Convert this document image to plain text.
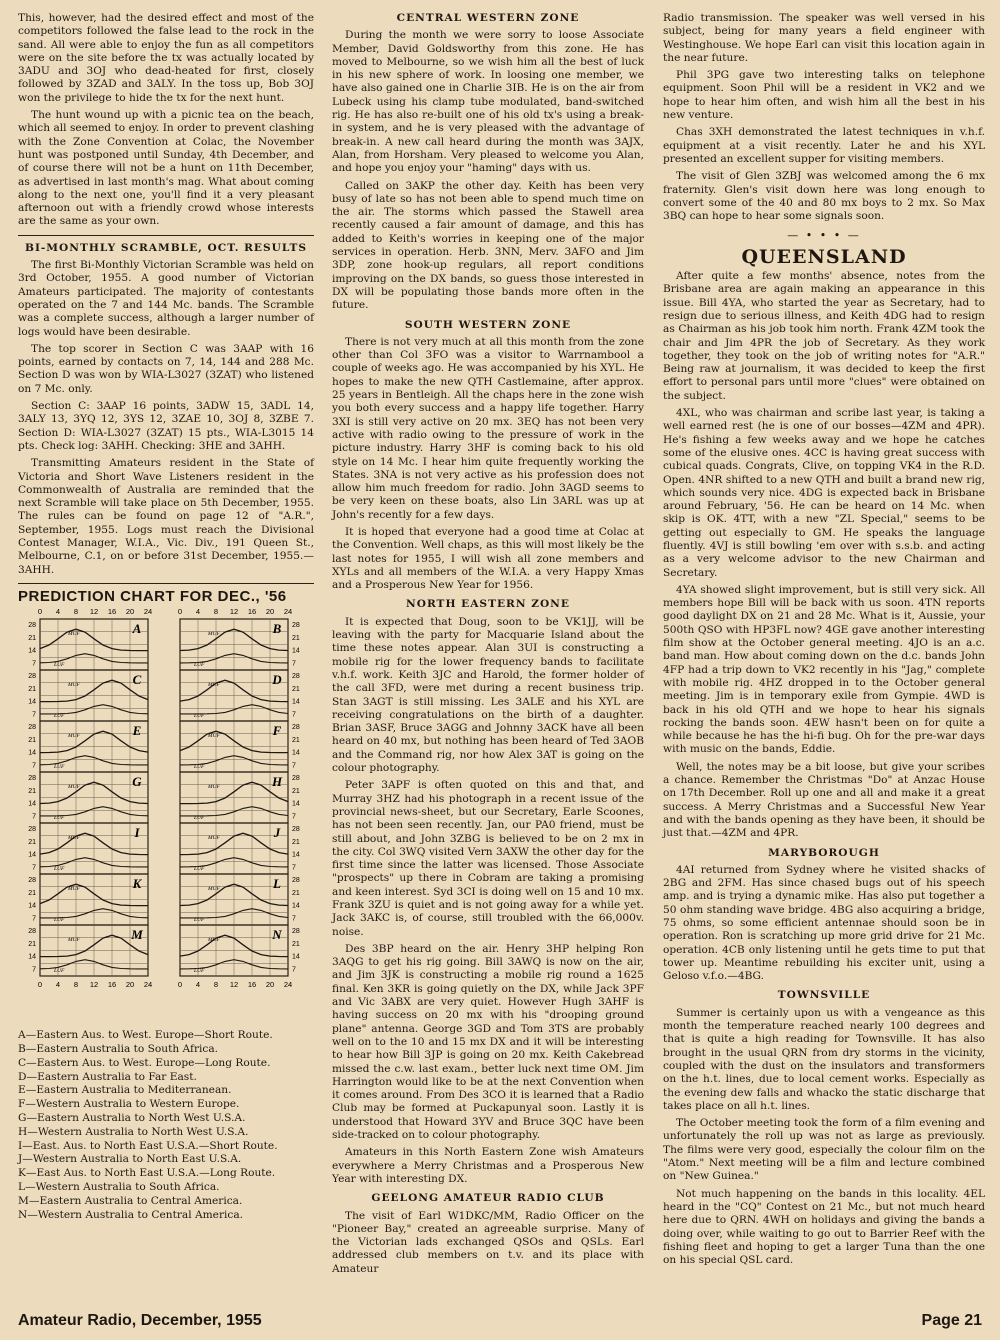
This, however, had the desired effect and most of the competitors followed the false lead to the rock in the sand. All were able to enjoy the fun as all competitors were on the site before the tx was actually located by 3ADU and 3OJ who dead-heated for first, closely followed by 3ZAD and 3ALY. In the toss up, Bob 3OJ won the privilege to hide the tx for the next hunt.

The hunt wound up with a picnic tea on the beach, which all seemed to enjoy. In order to prevent clashing with the Zone Convention at Colac, the November hunt was postponed until Sunday, 4th December, and of course there will not be a hunt on 11th December, as advertised in last month's mag. What about coming along to the next one, you'll find it a very pleasant afternoon out with a friendly crowd whose interests are the same as your own.

BI-MONTHLY SCRAMBLE, OCT. RESULTS

The first Bi-Monthly Victorian Scramble was held on 3rd October, 1955. A good number of Victorian Amateurs participated. The majority of contestants operated on the 7 and 144 Mc. bands. The Scramble was a complete success, although a larger number of logs would have been desirable.

The top scorer in Section C was 3AAP with 16 points, earned by contacts on 7, 14, 144 and 288 Mc. Section D was won by WIA-L3027 (3ZAT) who listened on 7 Mc. only.

Section C: 3AAP 16 points, 3ADW 15, 3ADL 14, 3ALY 13, 3YQ 12, 3YS 12, 3ZAE 10, 3OJ 8, 3ZBE 7. Section D: WIA-L3027 (3ZAT) 15 pts., WIA-L3015 14 pts. Check log: 3AHH. Checking: 3HE and 3AHH.

Transmitting Amateurs resident in the State of Victoria and Short Wave Listeners resident in the Commonwealth of Australia are reminded that the next Scramble will take place on 5th December, 1955. The rules can be found on page 12 of "A.R.", September, 1955. Logs must reach the Divisional Contest Manager, W.I.A., Vic. Div., 191 Queen St., Melbourne, C.1, on or before 31st December, 1955.—3AHH.

PREDICTION CHART FOR DEC., '56
0
0
4
4
8
8
12
12
16
16
20
20
24
24
0
0
4
4
8
8
12
12
16
16
20
20
24
24
28
21
14
7
A
MUF
LUF
28
21
14
7
B
MUF
LUF
28
21
14
7
C
MUF
LUF
28
21
14
7
D
MUF
LUF
28
21
14
7
E
MUF
LUF
28
21
14
7
F
MUF
LUF
28
21
14
7
G
MUF
LUF
28
21
14
7
H
MUF
LUF
28
21
14
7
I
MUF
LUF
28
21
14
7
J
MUF
LUF
28
21
14
7
K
MUF
LUF
28
21
14
7
L
MUF
LUF
28
21
14
7
M
MUF
LUF
28
21
14
7
N
MUF
LUF
A—Eastern Aus. to West. Europe—Short Route.
B—Eastern Australia to South Africa.
C—Eastern Aus. to West. Europe—Long Route.
D—Eastern Australia to Far East.
E—Eastern Australia to Mediterranean.
F—Western Australia to Western Europe.
G—Eastern Australia to North West U.S.A.
H—Western Australia to North West U.S.A.
I—East. Aus. to North East U.S.A.—Short Route.
J—Western Australia to North East U.S.A.
K—East Aus. to North East U.S.A.—Long Route.
L—Western Australia to South Africa.
M—Eastern Australia to Central America.
N—Western Australia to Central America.
CENTRAL WESTERN ZONE

During the month we were sorry to loose Associate Member, David Goldsworthy from this zone. He has moved to Melbourne, so we wish him all the best of luck in his new sphere of work. In loosing one member, we have also gained one in Charlie 3IB. He is on the air from Lubeck using his clamp tube modulated, band-switched rig. He has also re-built one of his old tx's using a break-in system, and he is very pleased with the advantage of break-in. A new call heard during the month was 3AJX, Alan, from Horsham. Very pleased to welcome you Alan, and hope you enjoy your "haming" days with us.

Called on 3AKP the other day. Keith has been very busy of late so has not been able to spend much time on the air. The storms which passed the Stawell area recently caused a fair amount of damage, and this has added to Keith's worries in keeping one of the major services in operation. Herb. 3NN, Merv. 3AFO and Jim 3DP, zone hook-up regulars, all report conditions improving on the DX bands, so guess those interested in DX will be populating those bands more often in the future.

SOUTH WESTERN ZONE

There is not very much at all this month from the zone other than Col 3FO was a visitor to Warrnambool a couple of weeks ago. He was accompanied by his XYL. He hopes to make the new QTH Castlemaine, after approx. 25 years in Bentleigh. All the chaps here in the zone wish you both every success and a happy life together. Harry 3XI is still very active on 20 mx. 3EQ has not been very active with radio owing to the pressure of work in the picture industry. Harry 3HF is coming back to his old style on 14 Mc. I hear him quite frequently working the States. 3NA is not very active as his profession does not allow him much freedom for radio. John 3AGD seems to be very keen on these boats, also Lin 3ARL was up at John's recently for a few days.

It is hoped that everyone had a good time at Colac at the Convention. Well chaps, as this will most likely be the last notes for 1955, I will wish all zone members and XYLs and all members of the W.I.A. a very Happy Xmas and a Prosperous New Year for 1956.

NORTH EASTERN ZONE

It is expected that Doug, soon to be VK1JJ, will be leaving with the party for Macquarie Island about the time these notes appear. Alan 3UI is constructing a mobile rig for the lower frequency bands to facilitate v.h.f. work. Keith 3JC and Harold, the former holder of the call 3FD, were met during a recent business trip. Stan 3AGT is still missing. Les 3ALE and his XYL are receiving congratulations on the birth of a daughter. Brian 3ASF, Bruce 3AGG and Johnny 3ACK have all been heard on 40 mx, but nothing has been heard of Ted 3AOB and the Command rig, nor how Alex 3AT is going on the colour photography.

Peter 3APF is often quoted on this and that, and Murray 3HZ had his photograph in a recent issue of the provincial news-sheet, but our Secretary, Earle Scoones, has not been seen recently. Jan, our PA0 friend, must be still about, and John 3ZBG is believed to be on 2 mx in the city. Col 3WQ visited Vern 3AXW the other day for the first time since the latter was licensed. Those Associate "prospects" up there in Cobram are taking a promising and keen interest. Syd 3CI is doing well on 15 and 10 mx. Frank 3ZU is quiet and is not going away for a while yet. Jack 3AKC is, of course, still troubled with the 66,000v. noise.

Des 3BP heard on the air. Henry 3HP helping Ron 3AQG to get his rig going. Bill 3AWQ is now on the air, and Jim 3JK is constructing a mobile rig round a 1625 final. Ken 3KR is going quietly on the DX, while Jack 3PF and Vic 3ABX are very quiet. However Hugh 3AHF is having success on 20 mx with his "drooping ground plane" antenna. George 3GD and Tom 3TS are probably well on to the 10 and 15 mx DX and it will be interesting to hear how Bill 3JP is going on 20 mx. Keith Cakebread missed the c.w. last exam., better luck next time OM. Jim Harrington would like to be at the next Convention when it comes around. From Des 3CO it is learned that a Radio Club may be formed at Puckapunyal soon. Lastly it is understood that Howard 3YV and Bruce 3QC have been side-tracked on to colour photography.

Amateurs in this North Eastern Zone wish Amateurs everywhere a Merry Christmas and a Prosperous New Year with interesting DX.

GEELONG AMATEUR RADIO CLUB

The visit of Earl W1DKC/MM, Radio Officer on the "Pioneer Bay," created an agreeable surprise. Many of the Victorian lads exchanged QSOs and QSLs. Earl addressed club members on t.v. and its place with Amateur

Radio transmission. The speaker was well versed in his subject, being for many years a field engineer with Westinghouse. We hope Earl can visit this location again in the near future.

Phil 3PG gave two interesting talks on telephone equipment. Soon Phil will be a resident in VK2 and we hope to hear him often, and wish him all the best in his new venture.

Chas 3XH demonstrated the latest techniques in v.h.f. equipment at a visit recently. Later he and his XYL presented an excellent supper for visiting members.

The visit of Glen 3ZBJ was welcomed among the 6 mx fraternity. Glen's visit down here was long enough to convert some of the 40 and 80 mx boys to 2 mx. So Max 3BQ can hope to hear some signals soon.

— • • • —
QUEENSLAND

After quite a few months' absence, notes from the Brisbane area are again making an appearance in this issue. Bill 4YA, who started the year as Secretary, had to resign due to serious illness, and Keith 4DG had to resign as Chairman as his job took him north. Frank 4ZM took the chair and Jim 4PR the job of Secretary. As they work together, they took on the job of writing notes for "A.R." Being raw at journalism, it was decided to keep the first effort to personal pars until more "clues" were obtained on the subject.

4XL, who was chairman and scribe last year, is taking a well earned rest (he is one of our bosses—4ZM and 4PR). He's fishing a few weeks away and we hope he catches some of the elusive ones. 4CC is having great success with cubical quads. Congrats, Clive, on topping VK4 in the R.D. Open. 4NR shifted to a new QTH and built a brand new rig, which sounds very nice. 4DG is expected back in Brisbane around February, '56. He can be heard on 14 Mc. when skip is OK. 4TT, with a new "ZL Special," seems to be getting out especially to GM. He speaks the language fluently. 4VJ is still bowling 'em over with s.s.b. and acting as a very welcome advisor to the new Chairman and Secretary.

4YA showed slight improvement, but is still very sick. All members hope Bill will be back with us soon. 4TN reports good daylight DX on 21 and 28 Mc. What is it, Aussie, your 500th QSO with HP3FL now? 4GE gave another interesting film show at the October general meeting. 4JO is an a.c. band man. How about coming down on the d.c. bands John 4FP had a trip down to VK2 recently in his "Jag," complete with mobile rig. 4HZ dropped in to the October general meeting. Jim is in temporary exile from Gympie. 4WD is back in his old QTH and we hope to hear his signals rocking the bands soon. 4EW hasn't been on for quite a while because he has the hi-fi bug. Oh for the pre-war days with music on the bands, Eddie.

Well, the notes may be a bit loose, but give your scribes a chance. Remember the Christmas "Do" at Anzac House on 17th December. Roll up one and all and make it a great success. A Merry Christmas and a Successful New Year and with the bands opening as they have been, it should be just that.—4ZM and 4PR.

MARYBOROUGH

4AI returned from Sydney where he visited shacks of 2BG and 2FM. Has since chased bugs out of his speech amp. and is trying a dynamic mike. Has also put together a 50 ohm standing wave bridge. 4BG also acquiring a bridge, 75 ohms, so some efficient antennae should soon be in operation. Ron is scratching up more grid drive for 21 Mc. operation. 4CB only listening until he gets time to put that tower up. Meantime rebuilding his exciter unit, using a Geloso v.f.o.—4BG.

TOWNSVILLE

Summer is certainly upon us with a vengeance as this month the temperature reached nearly 100 degrees and that is quite a high reading for Townsville. It has also brought in the usual QRN from dry storms in the vicinity, coupled with the dust on the insulators and transformers on the h.t. lines, due to local cement works. Especially as the evening dew falls and whacko the static discharge that takes place on all h.t. lines.

The October meeting took the form of a film evening and unfortunately the roll up was not as large as previously. The films were very good, especially the colour film on the "Atom." Next meeting will be a film and lecture combined on "New Guinea."

Not much happening on the bands in this locality. 4EL heard in the "CQ" Contest on 21 Mc., but not much heard here due to QRN. 4WH on holidays and giving the bands a doing over, while waiting to go out to Barrier Reef with the fishing fleet and hoping to get a larger Tuna than the one on his special QSL card.

Amateur Radio, December, 1955	Page 21
